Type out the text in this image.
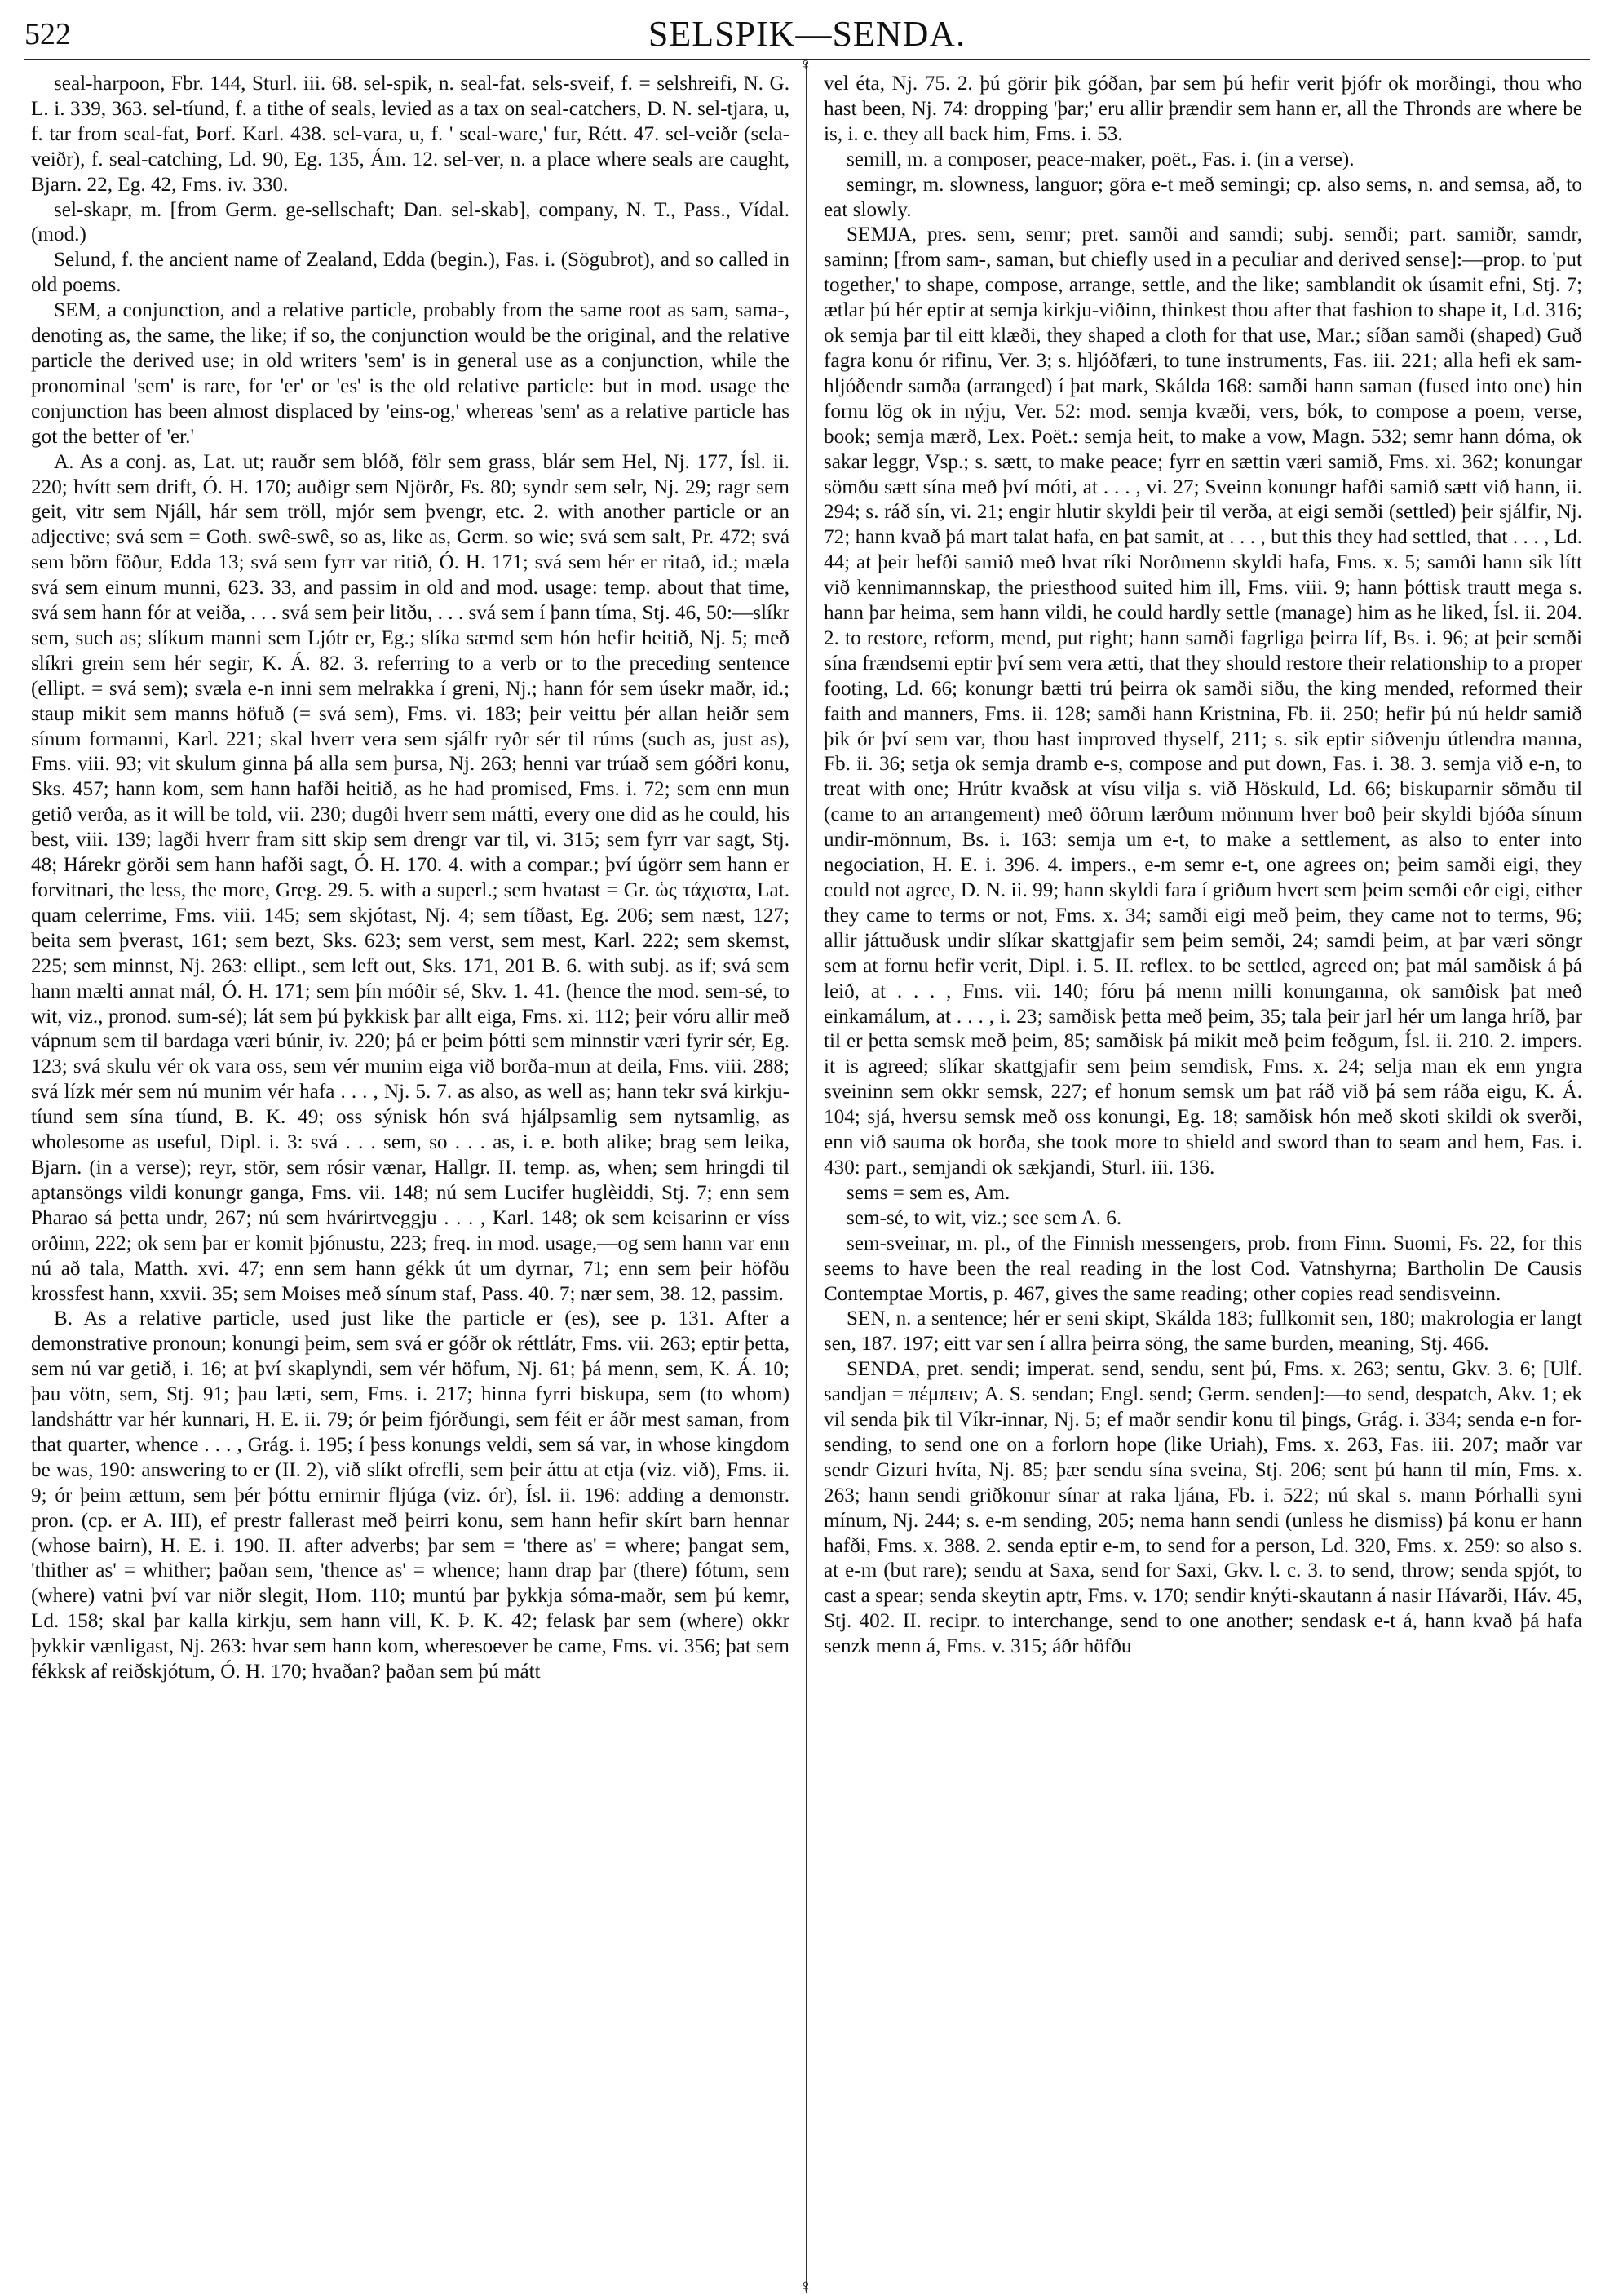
522	SELSPIK—SENDA.
♀
♀

seal-harpoon, Fbr. 144, Sturl. iii. 68. sel-spik, n. seal-fat. sels-sveif, f. = selshreifi, N. G. L. i. 339, 363. sel-tíund, f. a tithe of seals, levied as a tax on seal-catchers, D. N. sel-tjara, u, f. tar from seal-fat, Þorf. Karl. 438. sel-vara, u, f. ' seal-ware,' fur, Rétt. 47. sel-veiðr (sela-veiðr), f. seal-catching, Ld. 90, Eg. 135, Ám. 12. sel-ver, n. a place where seals are caught, Bjarn. 22, Eg. 42, Fms. iv. 330.

sel-skapr, m. [from Germ. ge-sellschaft; Dan. sel-skab], company, N. T., Pass., Vídal. (mod.)

Selund, f. the ancient name of Zealand, Edda (begin.), Fas. i. (Sögubrot), and so called in old poems.

SEM, a conjunction, and a relative particle, probably from the same root as sam, sama-, denoting as, the same, the like; if so, the conjunction would be the original, and the relative particle the derived use; in old writers 'sem' is in general use as a conjunction, while the pronominal 'sem' is rare, for 'er' or 'es' is the old relative particle: but in mod. usage the conjunction has been almost displaced by 'eins-og,' whereas 'sem' as a relative particle has got the better of 'er.'

A. As a conj. as, Lat. ut; rauðr sem blóð, fölr sem grass, blár sem Hel, Nj. 177, Ísl. ii. 220; hvítt sem drift, Ó. H. 170; auðigr sem Njörðr, Fs. 80; syndr sem selr, Nj. 29; ragr sem geit, vitr sem Njáll, hár sem tröll, mjór sem þvengr, etc. 2. with another particle or an adjective; svá sem = Goth. swê-swê, so as, like as, Germ. so wie; svá sem salt, Pr. 472; svá sem börn föður, Edda 13; svá sem fyrr var ritið, Ó. H. 171; svá sem hér er ritað, id.; mæla svá sem einum munni, 623. 33, and passim in old and mod. usage: temp. about that time, svá sem hann fór at veiða, . . . svá sem þeir litðu, . . . svá sem í þann tíma, Stj. 46, 50:—slíkr sem, such as; slíkum manni sem Ljótr er, Eg.; slíka sæmd sem hón hefir heitið, Nj. 5; með slíkri grein sem hér segir, K. Á. 82. 3. referring to a verb or to the preceding sentence (ellipt. = svá sem); svæla e-n inni sem melrakka í greni, Nj.; hann fór sem úsekr maðr, id.; staup mikit sem manns höfuð (= svá sem), Fms. vi. 183; þeir veittu þér allan heiðr sem sínum formanni, Karl. 221; skal hverr vera sem sjálfr ryðr sér til rúms (such as, just as), Fms. viii. 93; vit skulum ginna þá alla sem þursa, Nj. 263; henni var trúað sem góðri konu, Sks. 457; hann kom, sem hann hafði heitið, as he had promised, Fms. i. 72; sem enn mun getið verða, as it will be told, vii. 230; dugði hverr sem mátti, every one did as he could, his best, viii. 139; lagði hverr fram sitt skip sem drengr var til, vi. 315; sem fyrr var sagt, Stj. 48; Hárekr görði sem hann hafði sagt, Ó. H. 170. 4. with a compar.; því úgörr sem hann er forvitnari, the less, the more, Greg. 29. 5. with a superl.; sem hvatast = Gr. ὡς τάχιστα, Lat. quam celerrime, Fms. viii. 145; sem skjótast, Nj. 4; sem tíðast, Eg. 206; sem næst, 127; beita sem þverast, 161; sem bezt, Sks. 623; sem verst, sem mest, Karl. 222; sem skemst, 225; sem minnst, Nj. 263: ellipt., sem left out, Sks. 171, 201 B. 6. with subj. as if; svá sem hann mælti annat mál, Ó. H. 171; sem þín móðir sé, Skv. 1. 41. (hence the mod. sem-sé, to wit, viz., pronod. sum-sé); lát sem þú þykkisk þar allt eiga, Fms. xi. 112; þeir vóru allir með vápnum sem til bardaga væri búnir, iv. 220; þá er þeim þótti sem minnstir væri fyrir sér, Eg. 123; svá skulu vér ok vara oss, sem vér munim eiga við borða-mun at deila, Fms. viii. 288; svá lízk mér sem nú munim vér hafa . . . , Nj. 5. 7. as also, as well as; hann tekr svá kirkju-tíund sem sína tíund, B. K. 49; oss sýnisk hón svá hjálpsamlig sem nytsamlig, as wholesome as useful, Dipl. i. 3: svá . . . sem, so . . . as, i. e. both alike; brag sem leika, Bjarn. (in a verse); reyr, stör, sem rósir vænar, Hallgr. II. temp. as, when; sem hringdi til aptansöngs vildi konungr ganga, Fms. vii. 148; nú sem Lucifer huglèiddi, Stj. 7; enn sem Pharao sá þetta undr, 267; nú sem hvárirtveggju . . . , Karl. 148; ok sem keisarinn er víss orðinn, 222; ok sem þar er komit þjónustu, 223; freq. in mod. usage,—og sem hann var enn nú að tala, Matth. xvi. 47; enn sem hann gékk út um dyrnar, 71; enn sem þeir höfðu krossfest hann, xxvii. 35; sem Moises með sínum staf, Pass. 40. 7; nær sem, 38. 12, passim.

B. As a relative particle, used just like the particle er (es), see p. 131. After a demonstrative pronoun; konungi þeim, sem svá er góðr ok réttlátr, Fms. vii. 263; eptir þetta, sem nú var getið, i. 16; at því skaplyndi, sem vér höfum, Nj. 61; þá menn, sem, K. Á. 10; þau vötn, sem, Stj. 91; þau læti, sem, Fms. i. 217; hinna fyrri biskupa, sem (to whom) landsháttr var hér kunnari, H. E. ii. 79; ór þeim fjórðungi, sem féit er áðr mest saman, from that quarter, whence . . . , Grág. i. 195; í þess konungs veldi, sem sá var, in whose kingdom be was, 190: answering to er (II. 2), við slíkt ofrefli, sem þeir áttu at etja (viz. við), Fms. ii. 9; ór þeim ættum, sem þér þóttu ernirnir fljúga (viz. ór), Ísl. ii. 196: adding a demonstr. pron. (cp. er A. III), ef prestr fallerast með þeirri konu, sem hann hefir skírt barn hennar (whose bairn), H. E. i. 190. II. after adverbs; þar sem = 'there as' = where; þangat sem, 'thither as' = whither; þaðan sem, 'thence as' = whence; hann drap þar (there) fótum, sem (where) vatni því var niðr slegit, Hom. 110; muntú þar þykkja sóma-maðr, sem þú kemr, Ld. 158; skal þar kalla kirkju, sem hann vill, K. Þ. K. 42; felask þar sem (where) okkr þykkir vænligast, Nj. 263: hvar sem hann kom, wheresoever be came, Fms. vi. 356; þat sem fékksk af reiðskjótum, Ó. H. 170; hvaðan? þaðan sem þú mátt

vel éta, Nj. 75. 2. þú görir þik góðan, þar sem þú hefir verit þjófr ok morðingi, thou who hast been, Nj. 74: dropping 'þar;' eru allir þrændir sem hann er, all the Thronds are where be is, i. e. they all back him, Fms. i. 53.

semill, m. a composer, peace-maker, poët., Fas. i. (in a verse).

semingr, m. slowness, languor; göra e-t með semingi; cp. also sems, n. and semsa, að, to eat slowly.

SEMJA, pres. sem, semr; pret. samði and samdi; subj. semði; part. samiðr, samdr, saminn; [from sam-, saman, but chiefly used in a peculiar and derived sense]:—prop. to 'put together,' to shape, compose, arrange, settle, and the like; samblandit ok úsamit efni, Stj. 7; ætlar þú hér eptir at semja kirkju-viðinn, thinkest thou after that fashion to shape it, Ld. 316; ok semja þar til eitt klæði, they shaped a cloth for that use, Mar.; síðan samði (shaped) Guð fagra konu ór rifinu, Ver. 3; s. hljóðfæri, to tune instruments, Fas. iii. 221; alla hefi ek sam-hljóðendr samða (arranged) í þat mark, Skálda 168: samði hann saman (fused into one) hin fornu lög ok in nýju, Ver. 52: mod. semja kvæði, vers, bók, to compose a poem, verse, book; semja mærð, Lex. Poët.: semja heit, to make a vow, Magn. 532; semr hann dóma, ok sakar leggr, Vsp.; s. sætt, to make peace; fyrr en sættin væri samið, Fms. xi. 362; konungar sömðu sætt sína með því móti, at . . . , vi. 27; Sveinn konungr hafði samið sætt við hann, ii. 294; s. ráð sín, vi. 21; engir hlutir skyldi þeir til verða, at eigi semði (settled) þeir sjálfir, Nj. 72; hann kvað þá mart talat hafa, en þat samit, at . . . , but this they had settled, that . . . , Ld. 44; at þeir hefði samið með hvat ríki Norðmenn skyldi hafa, Fms. x. 5; samði hann sik lítt við kennimannskap, the priesthood suited him ill, Fms. viii. 9; hann þóttisk trautt mega s. hann þar heima, sem hann vildi, he could hardly settle (manage) him as he liked, Ísl. ii. 204. 2. to restore, reform, mend, put right; hann samði fagrliga þeirra líf, Bs. i. 96; at þeir semði sína frændsemi eptir því sem vera ætti, that they should restore their relationship to a proper footing, Ld. 66; konungr bætti trú þeirra ok samði siðu, the king mended, reformed their faith and manners, Fms. ii. 128; samði hann Kristnina, Fb. ii. 250; hefir þú nú heldr samið þik ór því sem var, thou hast improved thyself, 211; s. sik eptir siðvenju útlendra manna, Fb. ii. 36; setja ok semja dramb e-s, compose and put down, Fas. i. 38. 3. semja við e-n, to treat with one; Hrútr kvaðsk at vísu vilja s. við Höskuld, Ld. 66; biskuparnir sömðu til (came to an arrangement) með öðrum lærðum mönnum hver boð þeir skyldi bjóða sínum undir-mönnum, Bs. i. 163: semja um e-t, to make a settlement, as also to enter into negociation, H. E. i. 396. 4. impers., e-m semr e-t, one agrees on; þeim samði eigi, they could not agree, D. N. ii. 99; hann skyldi fara í griðum hvert sem þeim semði eðr eigi, either they came to terms or not, Fms. x. 34; samði eigi með þeim, they came not to terms, 96; allir játtuðusk undir slíkar skattgjafir sem þeim semði, 24; samdi þeim, at þar væri söngr sem at fornu hefir verit, Dipl. i. 5. II. reflex. to be settled, agreed on; þat mál samðisk á þá leið, at . . . , Fms. vii. 140; fóru þá menn milli konunganna, ok samðisk þat með einkamálum, at . . . , i. 23; samðisk þetta með þeim, 35; tala þeir jarl hér um langa hríð, þar til er þetta semsk með þeim, 85; samðisk þá mikit með þeim feðgum, Ísl. ii. 210. 2. impers. it is agreed; slíkar skattgjafir sem þeim semdisk, Fms. x. 24; selja man ek enn yngra sveininn sem okkr semsk, 227; ef honum semsk um þat ráð við þá sem ráða eigu, K. Á. 104; sjá, hversu semsk með oss konungi, Eg. 18; samðisk hón með skoti skildi ok sverði, enn við sauma ok borða, she took more to shield and sword than to seam and hem, Fas. i. 430: part., semjandi ok sækjandi, Sturl. iii. 136.

sems = sem es, Am.

sem-sé, to wit, viz.; see sem A. 6.

sem-sveinar, m. pl., of the Finnish messengers, prob. from Finn. Suomi, Fs. 22, for this seems to have been the real reading in the lost Cod. Vatnshyrna; Bartholin De Causis Contemptae Mortis, p. 467, gives the same reading; other copies read sendisveinn.

SEN, n. a sentence; hér er seni skipt, Skálda 183; fullkomit sen, 180; makrologia er langt sen, 187. 197; eitt var sen í allra þeirra söng, the same burden, meaning, Stj. 466.

SENDA, pret. sendi; imperat. send, sendu, sent þú, Fms. x. 263; sentu, Gkv. 3. 6; [Ulf. sandjan = πέμπειν; A. S. sendan; Engl. send; Germ. senden]:—to send, despatch, Akv. 1; ek vil senda þik til Víkr-innar, Nj. 5; ef maðr sendir konu til þings, Grág. i. 334; senda e-n for-sending, to send one on a forlorn hope (like Uriah), Fms. x. 263, Fas. iii. 207; maðr var sendr Gizuri hvíta, Nj. 85; þær sendu sína sveina, Stj. 206; sent þú hann til mín, Fms. x. 263; hann sendi griðkonur sínar at raka ljána, Fb. i. 522; nú skal s. mann Þórhalli syni mínum, Nj. 244; s. e-m sending, 205; nema hann sendi (unless he dismiss) þá konu er hann hafði, Fms. x. 388. 2. senda eptir e-m, to send for a person, Ld. 320, Fms. x. 259: so also s. at e-m (but rare); sendu at Saxa, send for Saxi, Gkv. l. c. 3. to send, throw; senda spjót, to cast a spear; senda skeytin aptr, Fms. v. 170; sendir knýti-skautann á nasir Hávarði, Háv. 45, Stj. 402. II. recipr. to interchange, send to one another; sendask e-t á, hann kvað þá hafa senzk menn á, Fms. v. 315; áðr höfðu
